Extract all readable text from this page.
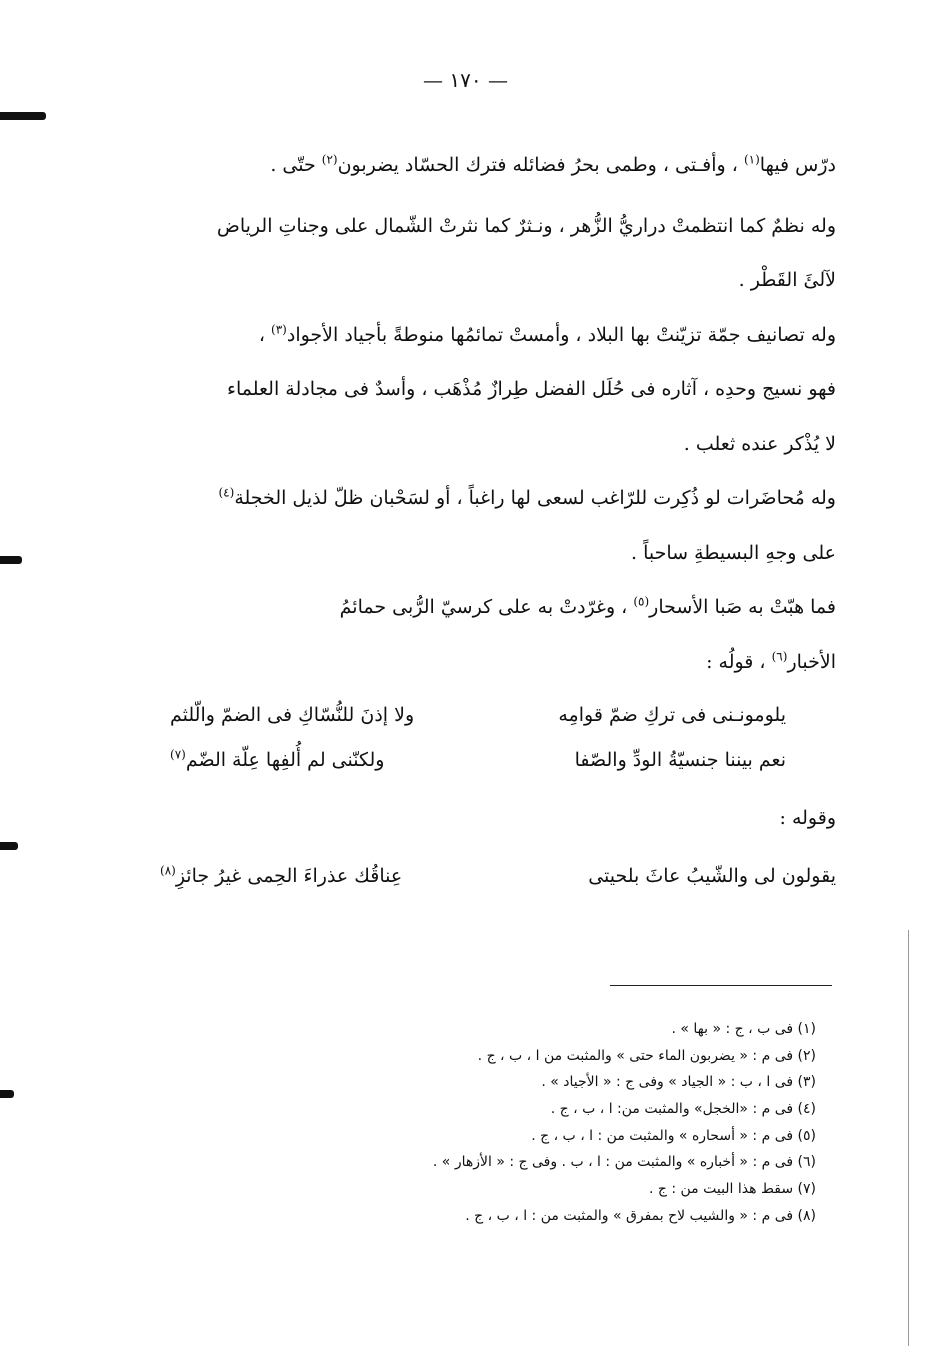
— ١٧٠ —
درّس فيها$^{(١)}$ ، وأفـتى ، وطمى بحرُ فضائله فترك الحسّاد يضربون$^{(٢)}$ حتّى .
وله نظمٌ كما انتظمتْ دراريُّ الزُّهر ، ونـثرٌ كما نثرتْ الشّمال على وجناتِ الرياض
لآلئَ القَطْر .
وله تصانيف جمّة تزيّنتْ بها البلاد ، وأمستْ تمائمُها منوطةً بأجياد الأجواد$^{(٣)}$ ،
فهو نسيج وحدِه ، آثاره فى حُلَل الفضل طِرازٌ مُذْهَب ، وأسدٌ فى مجادلة العلماء
لا يُذْكر عنده ثعلب .
وله مُحاضَرات لو ذُكِرت للرّاغب لسعى لها راغباً ، أو لسَحْبان ظلّ لذيل الخجلة$^{(٤)}$
على وجهِ البسيطةِ ساحباً .
فما هبّتْ به صَبا الأسحار$^{(٥)}$ ، وغرّدتْ به على كرسيّ الرُّبى حمائمُ
الأخبار$^{(٦)}$ ، قولُه :
يلومونـنى فى تركِ ضمّ قوامِه
ولا إذنَ للنُّسّاكِ فى الضمّ والّلثم
نعم بيننا جنسيّةُ الودِّ والصّفا
ولكنّنى لم أُلفِها عِلّة الضّم$^{(٧)}$
وقوله :
يقولون لى والشّيبُ عاثَ بلحيتى
عِناقُك عذراءَ الحِمى غيرُ جائزِ$^{(٨)}$
(١) فى ب ، ج : « بها » .
(٢) فى م : « يضربون الماء حتى » والمثبت من ا ، ب ، ج .
(٣) فى ا ، ب : « الجياد » وفى ج : « الأجياد » .
(٤) فى م : «الخجل» والمثبت من: ا ، ب ، ج .
(٥) فى م : « أسحاره » والمثبت من : ا ، ب ، ج .
(٦) فى م : « أخباره » والمثبت من : ا ، ب . وفى ج : « الأزهار » .
(٧) سقط هذا البيت من : ج .
(٨) فى م : « والشيب لاح بمفرق » والمثبت من : ا ، ب ، ج .
